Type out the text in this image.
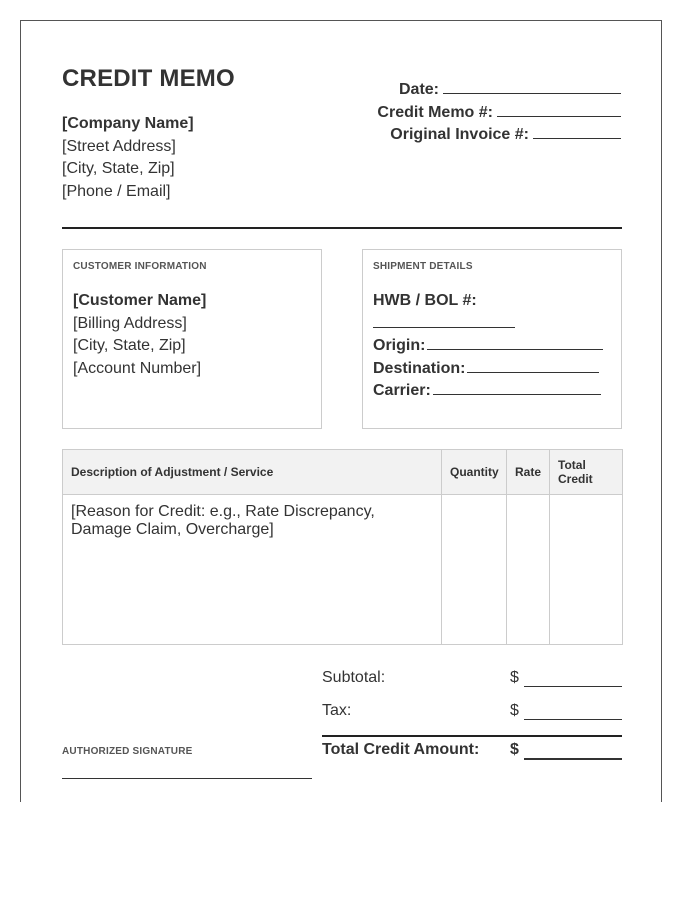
CREDIT MEMO
[Company Name]
[Street Address]
[City, State, Zip]
[Phone / Email]
Date:
Credit Memo #:
Original Invoice #:
CUSTOMER INFORMATION
[Customer Name]
[Billing Address]
[City, State, Zip]
[Account Number]
SHIPMENT DETAILS
HWB / BOL #:
Origin:
Destination:
Carrier:
Description of Adjustment / Service	Quantity	Rate	Total Credit
[Reason for Credit: e.g., Rate Discrepancy, Damage Claim, Overcharge]			
Subtotal:	$
Tax:	$
Total Credit Amount: $
AUTHORIZED SIGNATURE
